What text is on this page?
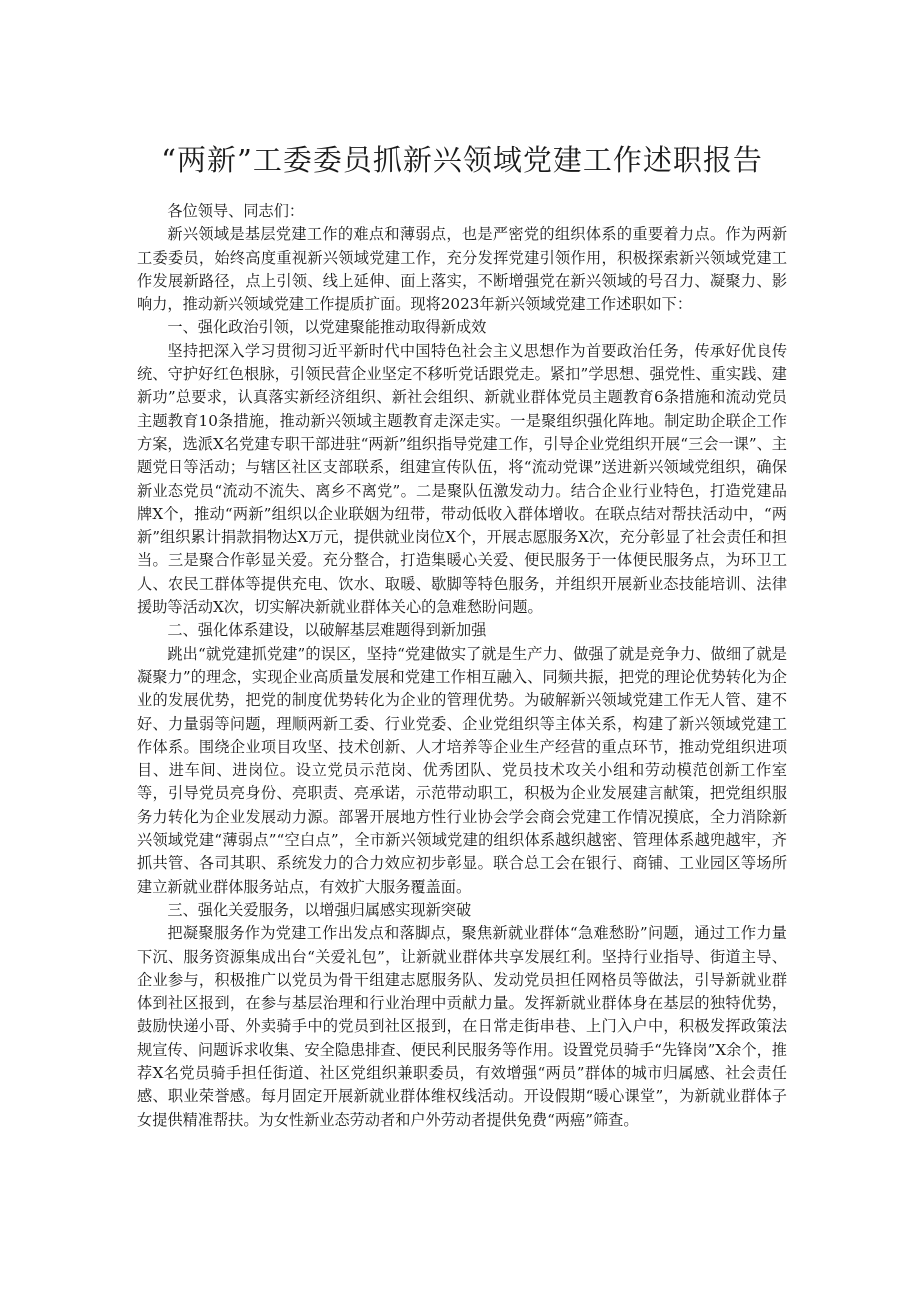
“两新”工委委员抓新兴领域党建工作述职报告

各位领导、同志们：

新兴领域是基层党建工作的难点和薄弱点，也是严密党的组织体系的重要着力点。作为两新工委委员，始终高度重视新兴领域党建工作，充分发挥党建引领作用，积极探索新兴领域党建工作发展新路径，点上引领、线上延伸、面上落实，不断增强党在新兴领域的号召力、凝聚力、影响力，推动新兴领域党建工作提质扩面。现将2023年新兴领域党建工作述职如下：

一、强化政治引领，以党建聚能推动取得新成效

坚持把深入学习贯彻习近平新时代中国特色社会主义思想作为首要政治任务，传承好优良传统、守护好红色根脉，引领民营企业坚定不移听党话跟党走。紧扣”学思想、强党性、重实践、建新功”总要求，认真落实新经济组织、新社会组织、新就业群体党员主题教育6条措施和流动党员主题教育10条措施，推动新兴领域主题教育走深走实。一是聚组织强化阵地。制定助企联企工作方案，选派X名党建专职干部进驻“两新”组织指导党建工作，引导企业党组织开展“三会一课”、主题党日等活动；与辖区社区支部联系，组建宣传队伍，将“流动党课”送进新兴领域党组织，确保新业态党员“流动不流失、离乡不离党”。二是聚队伍激发动力。结合企业行业特色，打造党建品牌X个，推动“两新”组织以企业联姻为纽带，带动低收入群体增收。在联点结对帮扶活动中，“两新”组织累计捐款捐物达X万元，提供就业岗位X个，开展志愿服务X次，充分彰显了社会责任和担当。三是聚合作彰显关爱。充分整合，打造集暖心关爱、便民服务于一体便民服务点，为环卫工人、农民工群体等提供充电、饮水、取暖、歇脚等特色服务，并组织开展新业态技能培训、法律援助等活动X次，切实解决新就业群体关心的急难愁盼问题。

二、强化体系建设，以破解基层难题得到新加强

跳出“就党建抓党建”的误区，坚持“党建做实了就是生产力、做强了就是竞争力、做细了就是凝聚力”的理念，实现企业高质量发展和党建工作相互融入、同频共振，把党的理论优势转化为企业的发展优势，把党的制度优势转化为企业的管理优势。为破解新兴领域党建工作无人管、建不好、力量弱等问题，理顺两新工委、行业党委、企业党组织等主体关系，构建了新兴领域党建工作体系。围绕企业项目攻坚、技术创新、人才培养等企业生产经营的重点环节，推动党组织进项目、进车间、进岗位。设立党员示范岗、优秀团队、党员技术攻关小组和劳动模范创新工作室等，引导党员亮身份、亮职责、亮承诺，示范带动职工，积极为企业发展建言献策，把党组织服务力转化为企业发展动力源。部署开展地方性行业协会学会商会党建工作情况摸底，全力消除新兴领域党建“薄弱点”“空白点”，全市新兴领域党建的组织体系越织越密、管理体系越兜越牢，齐抓共管、各司其职、系统发力的合力效应初步彰显。联合总工会在银行、商铺、工业园区等场所建立新就业群体服务站点，有效扩大服务覆盖面。

三、强化关爱服务，以增强归属感实现新突破

把凝聚服务作为党建工作出发点和落脚点，聚焦新就业群体“急难愁盼”问题，通过工作力量下沉、服务资源集成出台“关爱礼包”，让新就业群体共享发展红利。坚持行业指导、街道主导、企业参与，积极推广以党员为骨干组建志愿服务队、发动党员担任网格员等做法，引导新就业群体到社区报到，在参与基层治理和行业治理中贡献力量。发挥新就业群体身在基层的独特优势，鼓励快递小哥、外卖骑手中的党员到社区报到，在日常走街串巷、上门入户中，积极发挥政策法规宣传、问题诉求收集、安全隐患排查、便民利民服务等作用。设置党员骑手“先锋岗”X余个，推荐X名党员骑手担任街道、社区党组织兼职委员，有效增强“两员”群体的城市归属感、社会责任感、职业荣誉感。每月固定开展新就业群体维权线活动。开设假期“暖心课堂”，为新就业群体子女提供精准帮扶。为女性新业态劳动者和户外劳动者提供免费“两癌”筛查。
